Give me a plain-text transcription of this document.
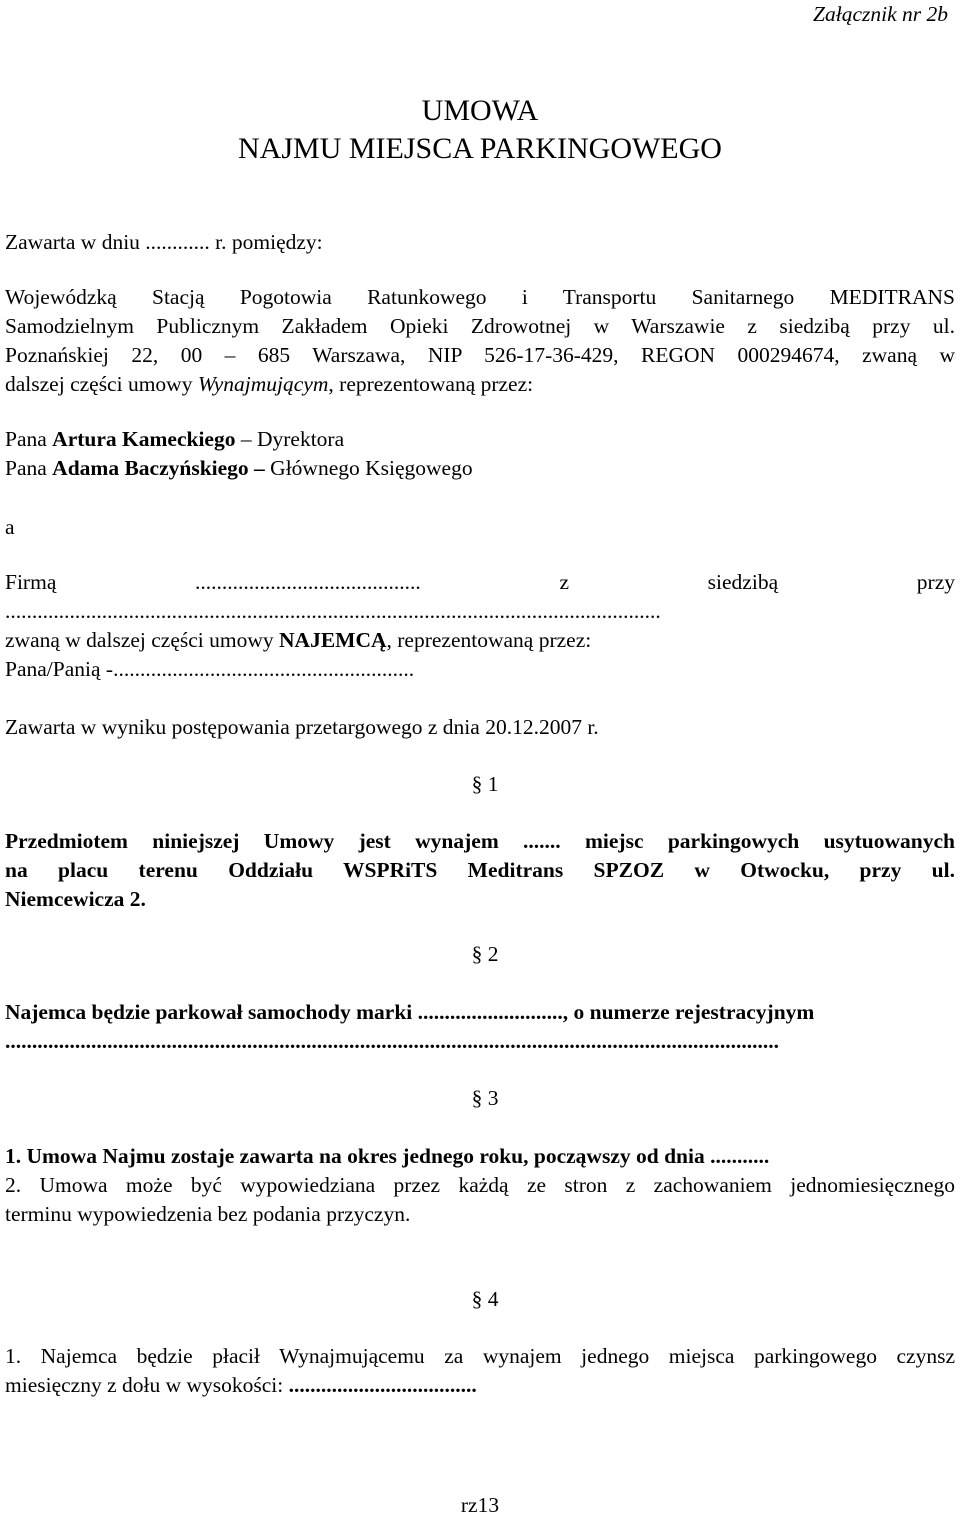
Załącznik nr 2b
UMOWA
NAJMU MIEJSCA PARKINGOWEGO
Zawarta w dniu ............ r. pomiędzy:
Wojewódzką Stacją Pogotowia Ratunkowego i Transportu Sanitarnego MEDITRANS
Samodzielnym Publicznym Zakładem Opieki Zdrowotnej w Warszawie z siedzibą przy ul.
Poznańskiej 22, 00 – 685 Warszawa, NIP 526-17-36-429, REGON 000294674, zwaną w
dalszej części umowy Wynajmującym, reprezentowaną przez:
Pana Artura Kameckiego – Dyrektora
Pana Adama Baczyńskiego – Głównego Księgowego
a
Firmą	..........................................	z	siedzibą	przy
..........................................................................................................................
zwaną w dalszej części umowy NAJEMCĄ, reprezentowaną przez:
Pana/Panią -........................................................
Zawarta w wyniku postępowania przetargowego z dnia 20.12.2007 r.
§ 1
Przedmiotem niniejszej Umowy jest wynajem ....... miejsc parkingowych usytuowanych
na placu terenu Oddziału WSPRiTS Meditrans SPZOZ w Otwocku, przy ul.
Niemcewicza 2.
§ 2
Najemca będzie parkował samochody marki ..........................., o numerze rejestracyjnym
................................................................................................................................................
§ 3
1. Umowa Najmu zostaje zawarta na okres jednego roku, począwszy od dnia ...........
2. Umowa może być wypowiedziana przez każdą ze stron z zachowaniem jednomiesięcznego
terminu wypowiedzenia bez podania przyczyn.
§ 4
1. Najemca będzie płacił Wynajmującemu za wynajem jednego miejsca parkingowego czynsz
miesięczny z dołu w wysokości: ...................................
rz13
